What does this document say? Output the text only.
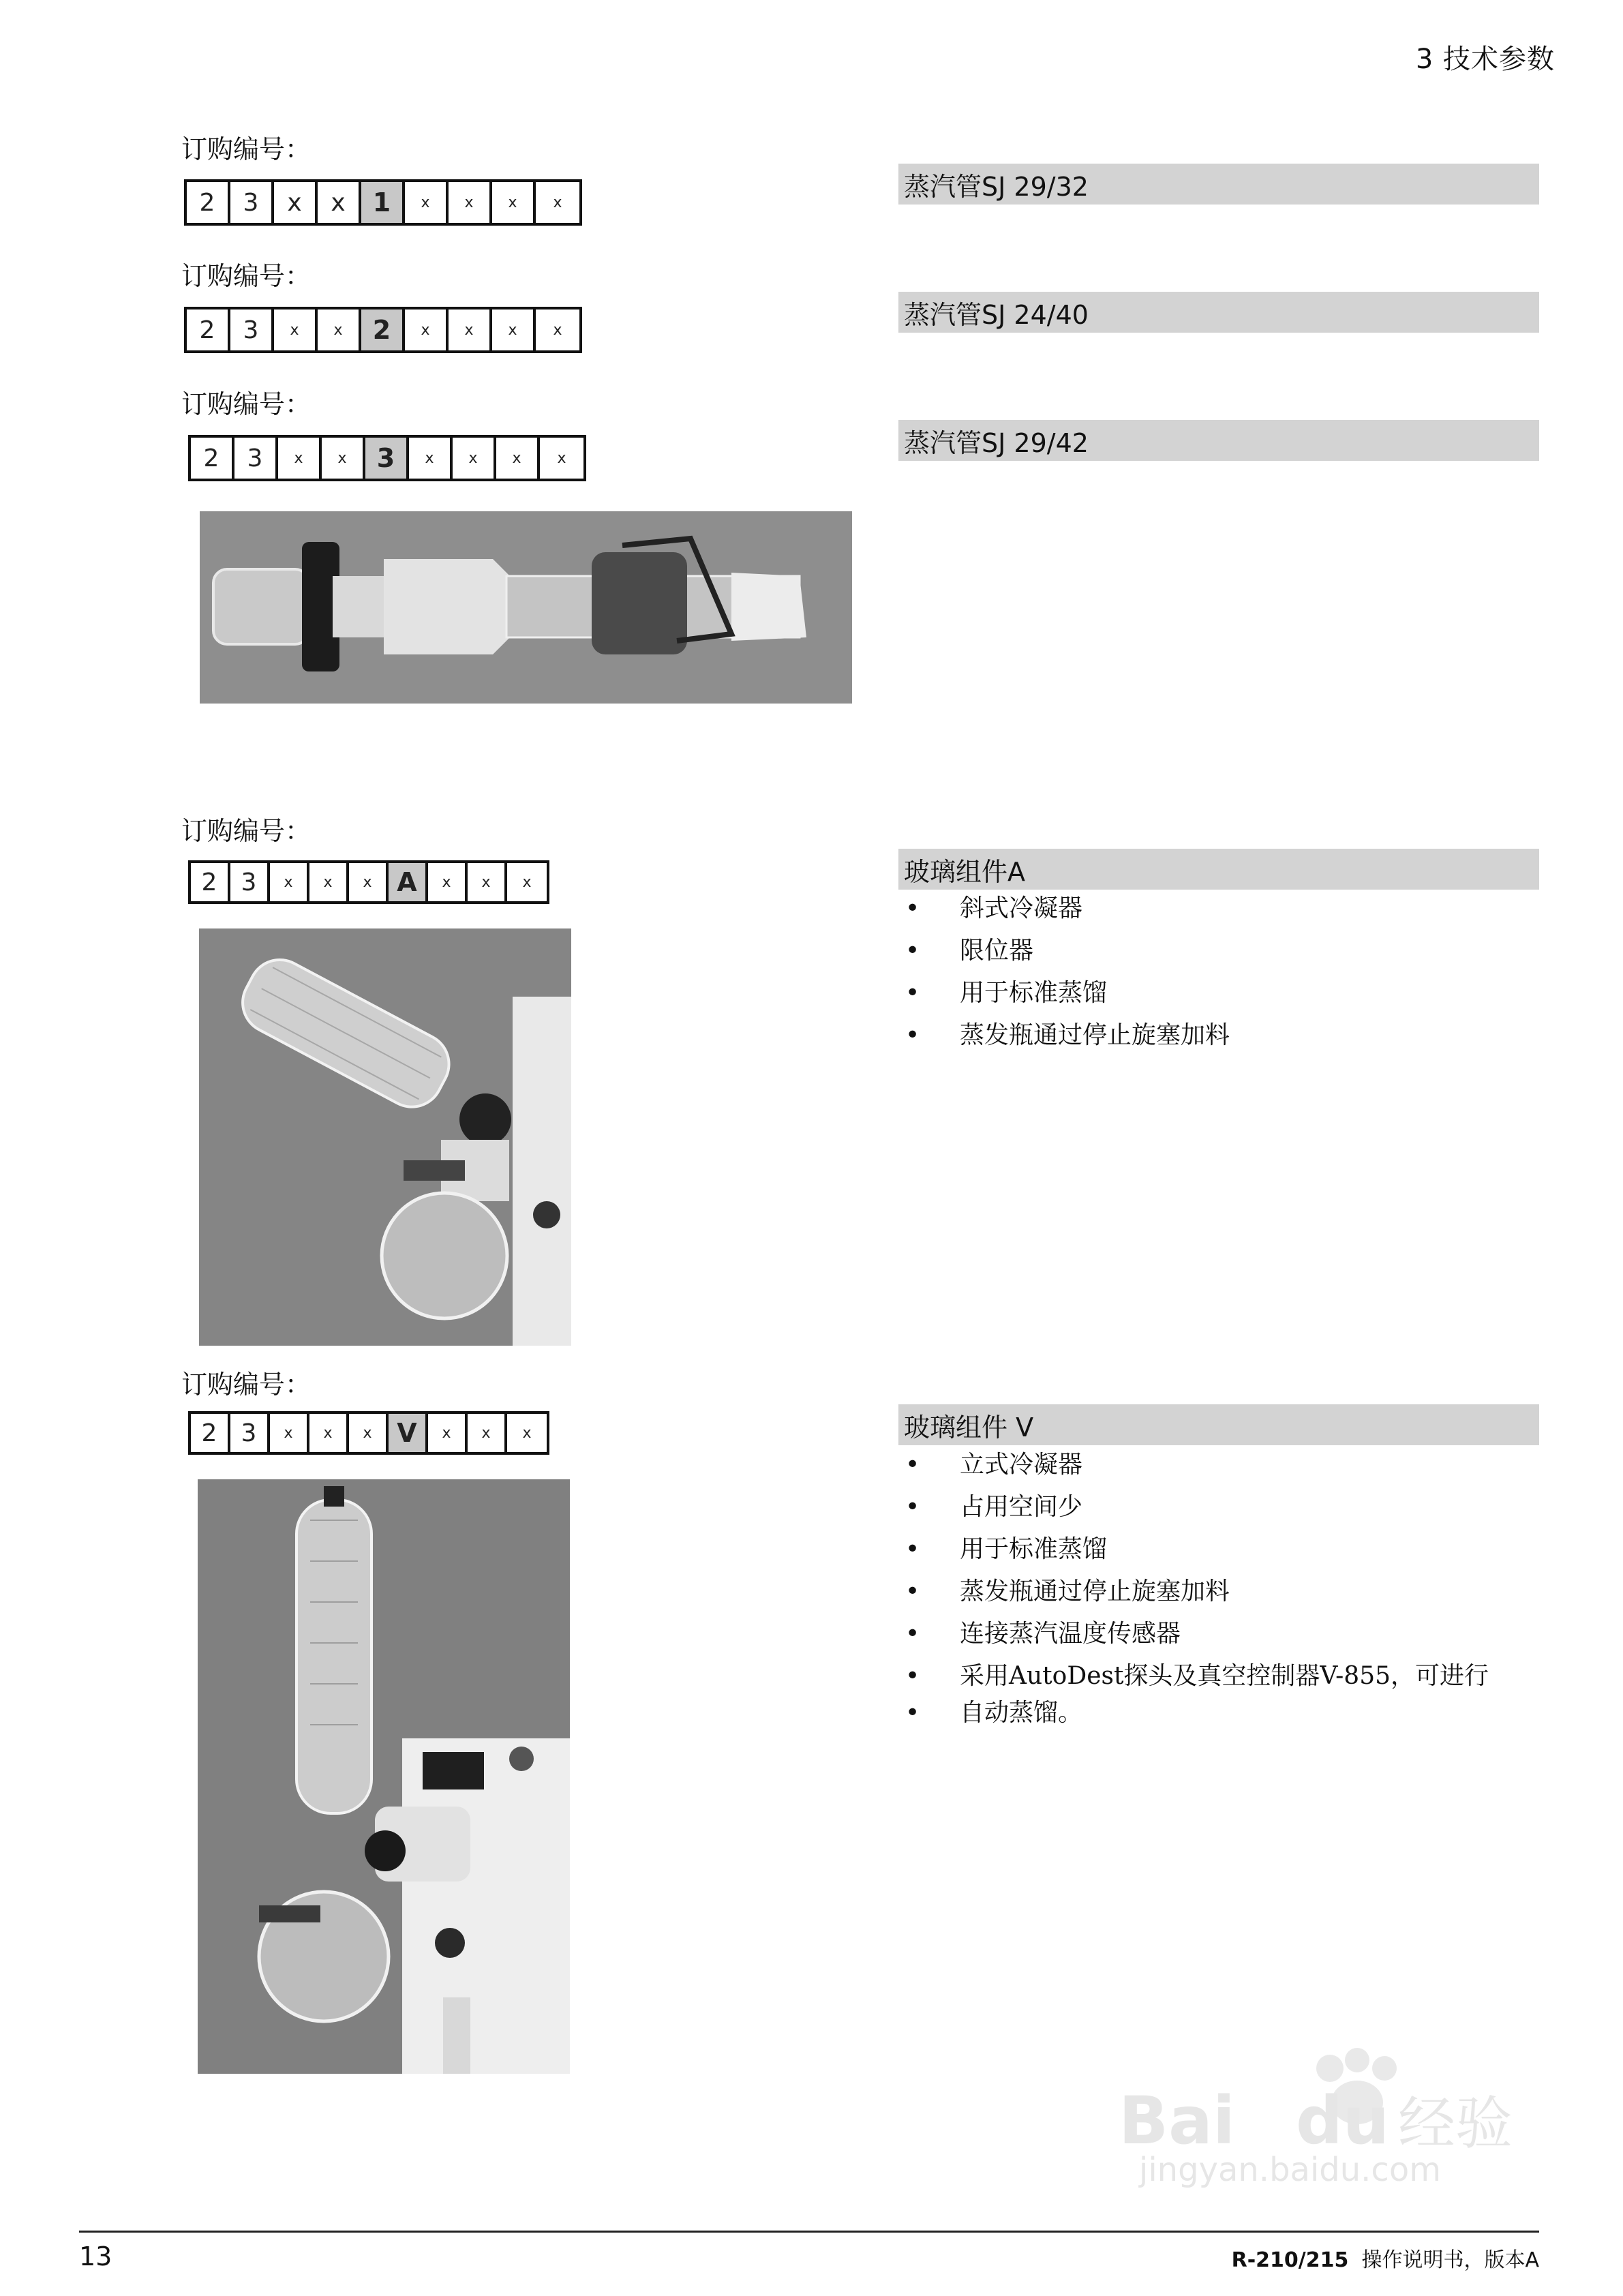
3 技术参数
订购编号：
2	3	x	x	1	x	x	x	x
蒸汽管SJ 29/32
订购编号：
2	3	x	x	2	x	x	x	x
蒸汽管SJ 24/40
订购编号：
2	3	x	x	3	x	x	x	x
蒸汽管SJ 29/42
订购编号：
2 3	x	x	x A	x	x	x	玻璃组件A
• 斜式冷凝器
• 限位器
• 用于标准蒸馏
• 蒸发瓶通过停止旋塞加料
订购编号：
2 3	x	x	x V	x	x	x	玻璃组件 V
• 立式冷凝器
• 占用空间少
• 用于标准蒸馏
• 蒸发瓶通过停止旋塞加料
• 连接蒸汽温度传感器
• 采用AutoDest探头及真空控制器V-855，可进行
• 自动蒸馏。
Bai du 经验
jingyan.baidu.com
13	R-210/215 操作说明书，版本A
